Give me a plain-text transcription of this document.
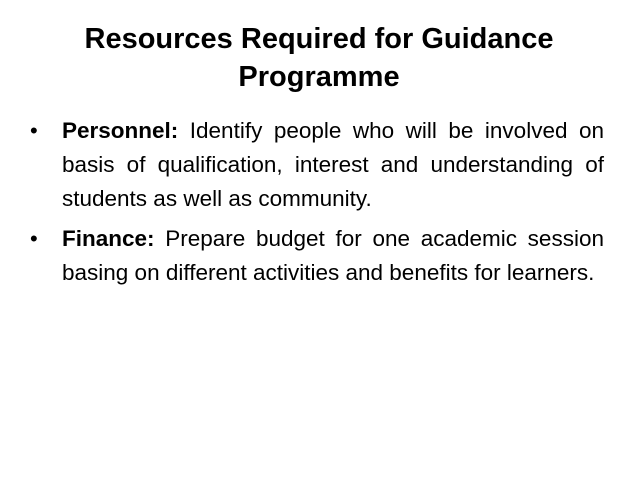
Resources Required for Guidance
Programme
• Personnel: Identify people who will be involved on basis of qualification, interest and understanding of students as well as community.
• Finance: Prepare budget for one academic session basing on different activities and benefits for learners.
